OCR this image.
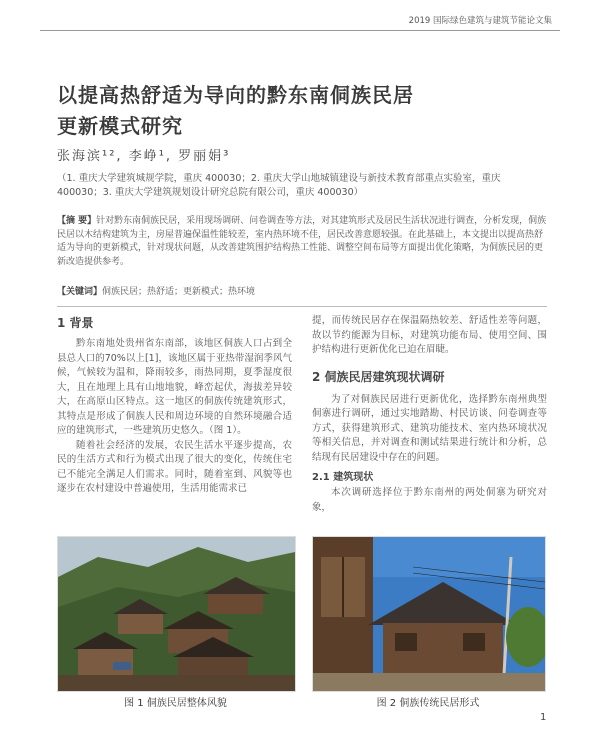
2019 国际绿色建筑与建筑节能论文集
以提高热舒适为导向的黔东南侗族民居
更新模式研究
张海滨¹², 李峥¹, 罗丽娟³
（1. 重庆大学建筑城规学院，重庆 400030；2. 重庆大学山地城镇建设与新技术教育部重点实验室，重庆 400030；3. 重庆大学建筑规划设计研究总院有限公司，重庆 400030）
【摘 要】针对黔东南侗族民居，采用现场调研、问卷调查等方法，对其建筑形式及居民生活状况进行调查，分析发现，侗族民居以木结构建筑为主，房屋普遍保温性能较差，室内热环境不佳，居民改善意愿较强。在此基础上，本文提出以提高热舒适为导向的更新模式，针对现状问题，从改善建筑围护结构热工性能、调整空间布局等方面提出优化策略，为侗族民居的更新改造提供参考。
【关键词】侗族民居；热舒适；更新模式；热环境
1 背景

黔东南地处贵州省东南部，该地区侗族人口占到全县总人口的70%以上[1]，该地区属于亚热带湿润季风气候，气候较为温和，降雨较多，雨热同期，夏季湿度很大，且在地理上具有山地地貌，峰峦起伏，海拔差异较大，在高原山区特点。这一地区的侗族传统建筑形式，其特点是形成了侗族人民和周边环境的自然环境融合适应的建筑形式，一些建筑历史悠久。（图 1）。

随着社会经济的发展，农民生活水平逐步提高，农民的生活方式和行为模式出现了很大的变化，传统住宅已不能完全满足人们需求。同时，随着室到、风貌等也逐步在农村建设中普遍使用，生活用能需求已

提，而传统民居存在保温隔热较差、舒适性差等问题，故以节约能源为目标，对建筑功能布局、使用空间、围护结构进行更新优化已迫在眉睫。

2 侗族民居建筑现状调研

为了对侗族民居进行更新优化，选择黔东南州典型侗寨进行调研，通过实地踏勘、村民访谈、问卷调查等方式，获得建筑形式、建筑功能技术、室内热环境状况等相关信息，并对调查和测试结果进行统计和分析，总结现有民居建设中存在的问题。

2.1 建筑现状

本次调研选择位于黔东南州的两处侗寨为研究对象，

图 1 侗族民居整体风貌	图 2 侗族传统民居形式
1
